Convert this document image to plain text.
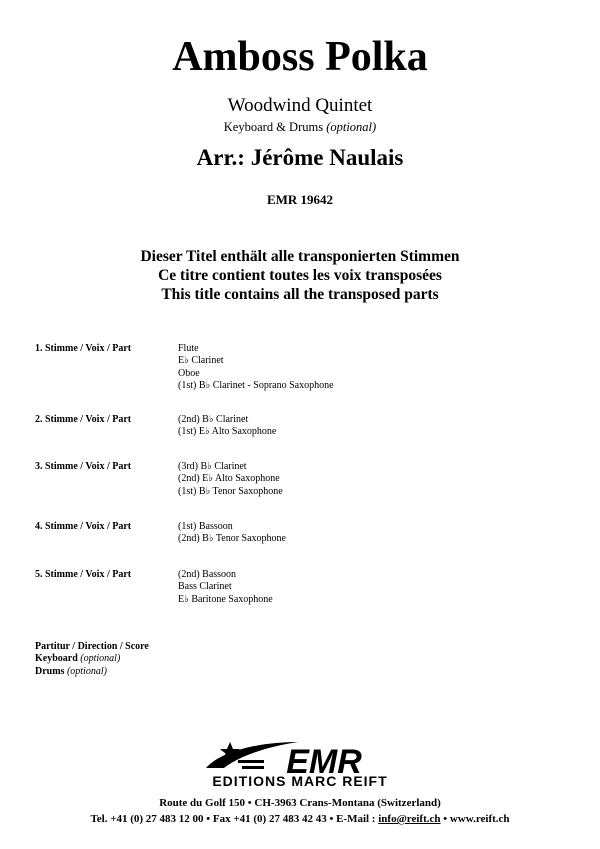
Amboss Polka
Woodwind Quintet
Keyboard & Drums (optional)
Arr.: Jérôme Naulais
EMR 19642
Dieser Titel enthält alle transponierten Stimmen
Ce titre contient toutes les voix transposées
This title contains all the transposed parts
1. Stimme / Voix / Part	Flute
E♭ Clarinet
Oboe
(1st) B♭ Clarinet - Soprano Saxophone
2. Stimme / Voix / Part	(2nd) B♭ Clarinet
(1st) E♭ Alto Saxophone
3. Stimme / Voix / Part	(3rd) B♭ Clarinet
(2nd) E♭ Alto Saxophone
(1st) B♭ Tenor Saxophone
4. Stimme / Voix / Part	(1st) Bassoon
(2nd) B♭ Tenor Saxophone
5. Stimme / Voix / Part	(2nd) Bassoon
Bass Clarinet
E♭ Baritone Saxophone
Partitur / Direction / Score
Keyboard (optional)
Drums (optional)
EMR
EDITIONS MARC REIFT
Route du Golf 150 • CH-3963 Crans-Montana (Switzerland)
Tel. +41 (0) 27 483 12 00 • Fax +41 (0) 27 483 42 43 • E-Mail : info@reift.ch • www.reift.ch
